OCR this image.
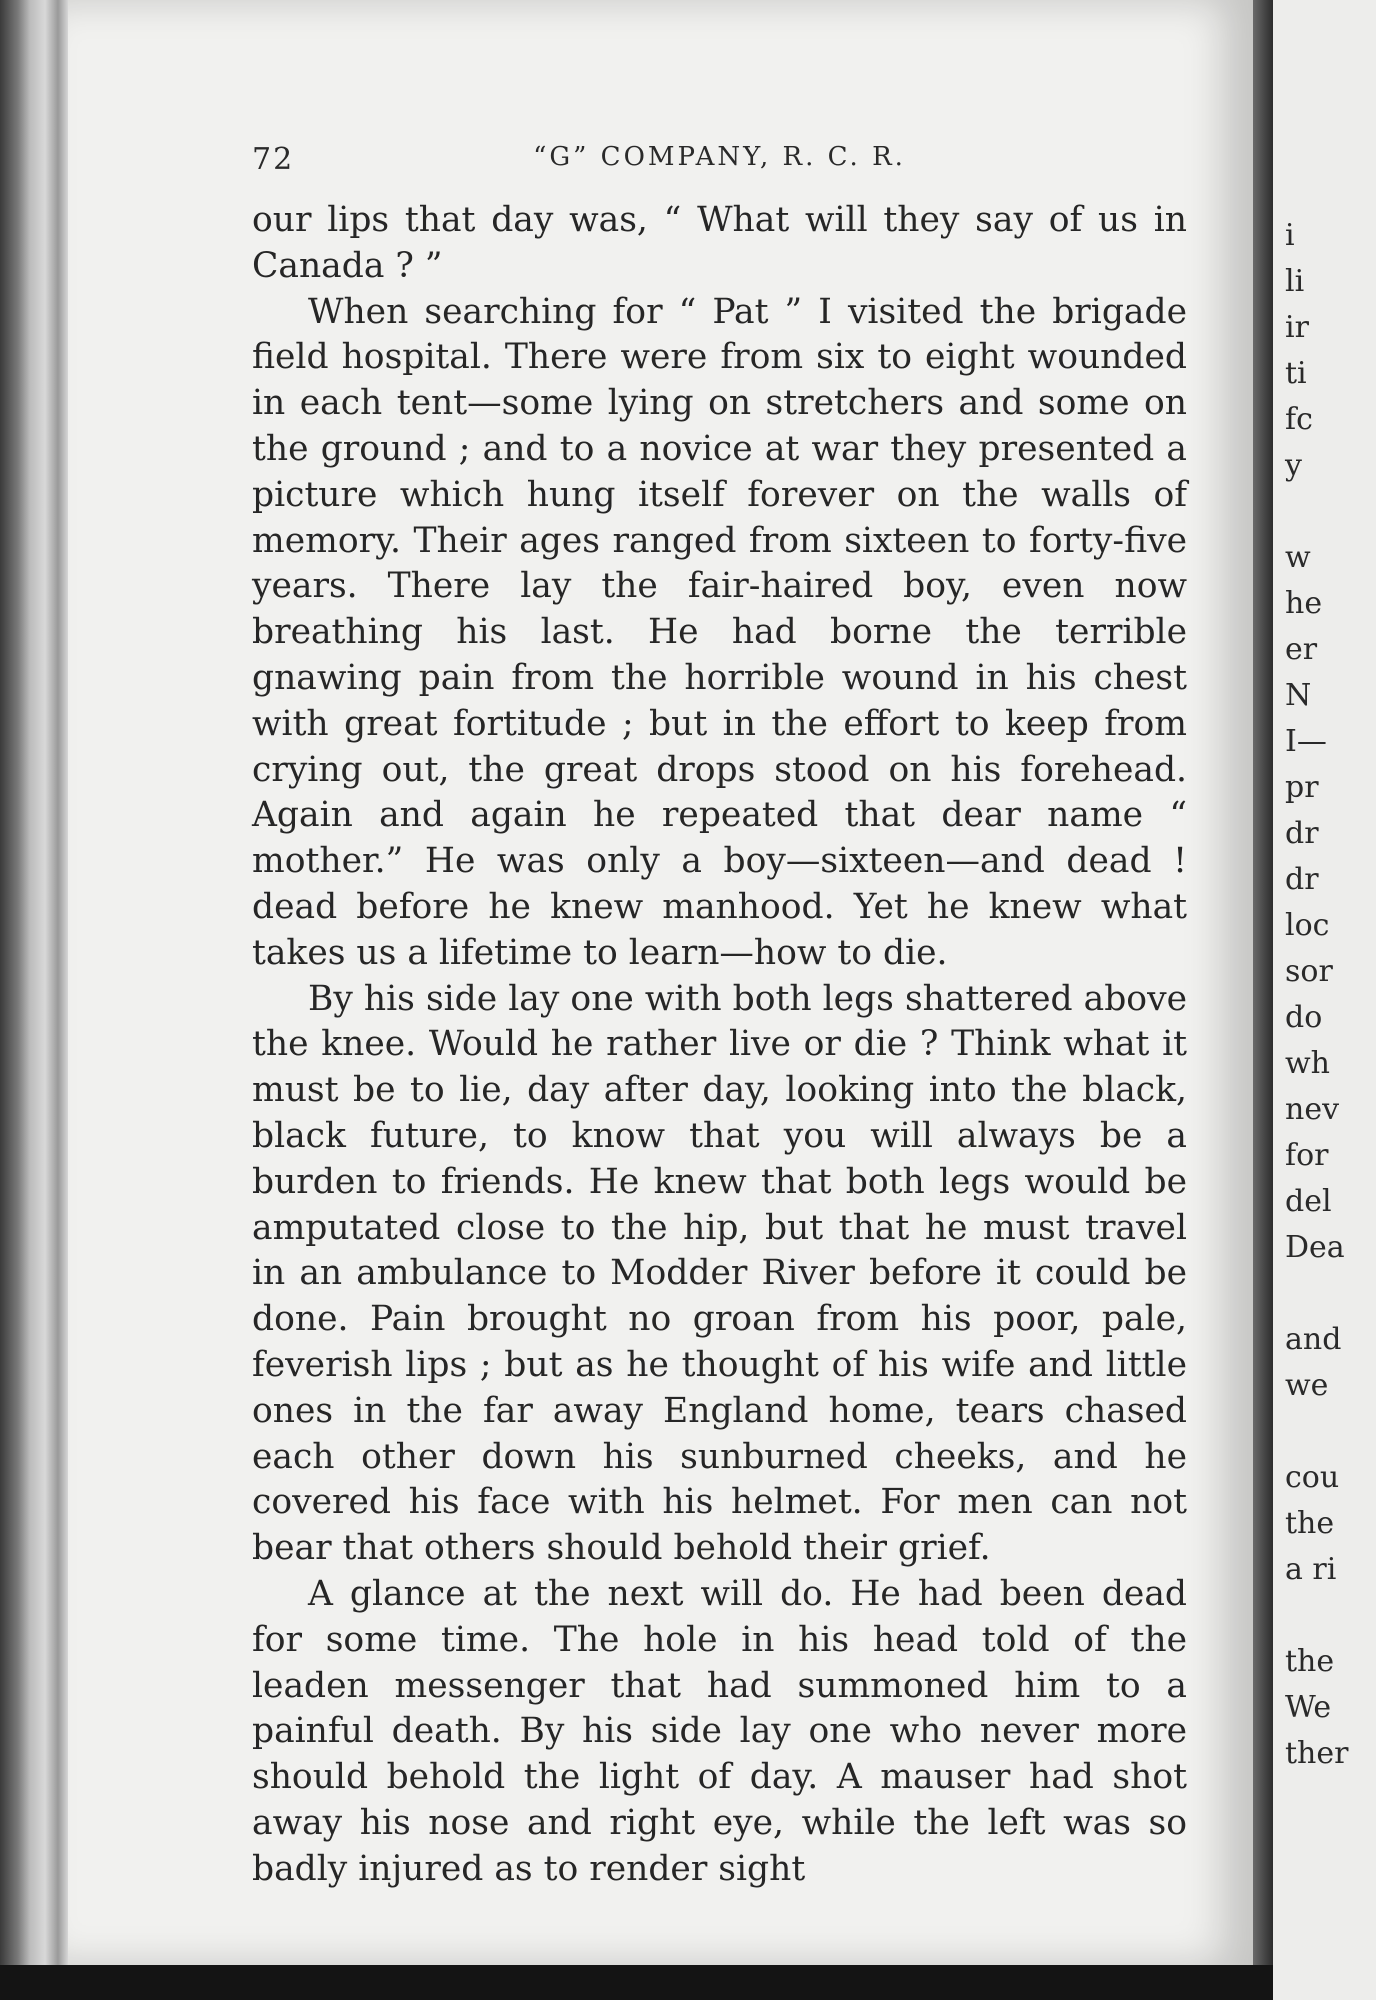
72	“G” COMPANY, R. C. R.

our lips that day was, “ What will they say of us in Canada ? ”

When searching for “ Pat ” I visited the brigade field hospital. There were from six to eight wounded in each tent—some lying on stretchers and some on the ground ; and to a novice at war they presented a picture which hung itself forever on the walls of memory. Their ages ranged from sixteen to forty-five years. There lay the fair-haired boy, even now breathing his last. He had borne the terrible gnawing pain from the horrible wound in his chest with great fortitude ; but in the effort to keep from crying out, the great drops stood on his forehead. Again and again he repeated that dear name “ mother.” He was only a boy—sixteen—and dead ! dead before he knew manhood. Yet he knew what takes us a lifetime to learn—how to die.

By his side lay one with both legs shattered above the knee. Would he rather live or die ? Think what it must be to lie, day after day, looking into the black, black future, to know that you will always be a burden to friends. He knew that both legs would be amputated close to the hip, but that he must travel in an ambulance to Modder River before it could be done. Pain brought no groan from his poor, pale, feverish lips ; but as he thought of his wife and little ones in the far away England home, tears chased each other down his sunburned cheeks, and he covered his face with his helmet. For men can not bear that others should behold their grief.

A glance at the next will do. He had been dead for some time. The hole in his head told of the leaden messenger that had summoned him to a painful death. By his side lay one who never more should behold the light of day. A mauser had shot away his nose and right eye, while the left was so badly injured as to render sight

i
li
ir
ti
fc
y
w
he
er
N
I—
pr
dr
dr
loc
sor
do
wh
nev
for
del
Dea
and
we
cou
the
a ri
the
We
ther
